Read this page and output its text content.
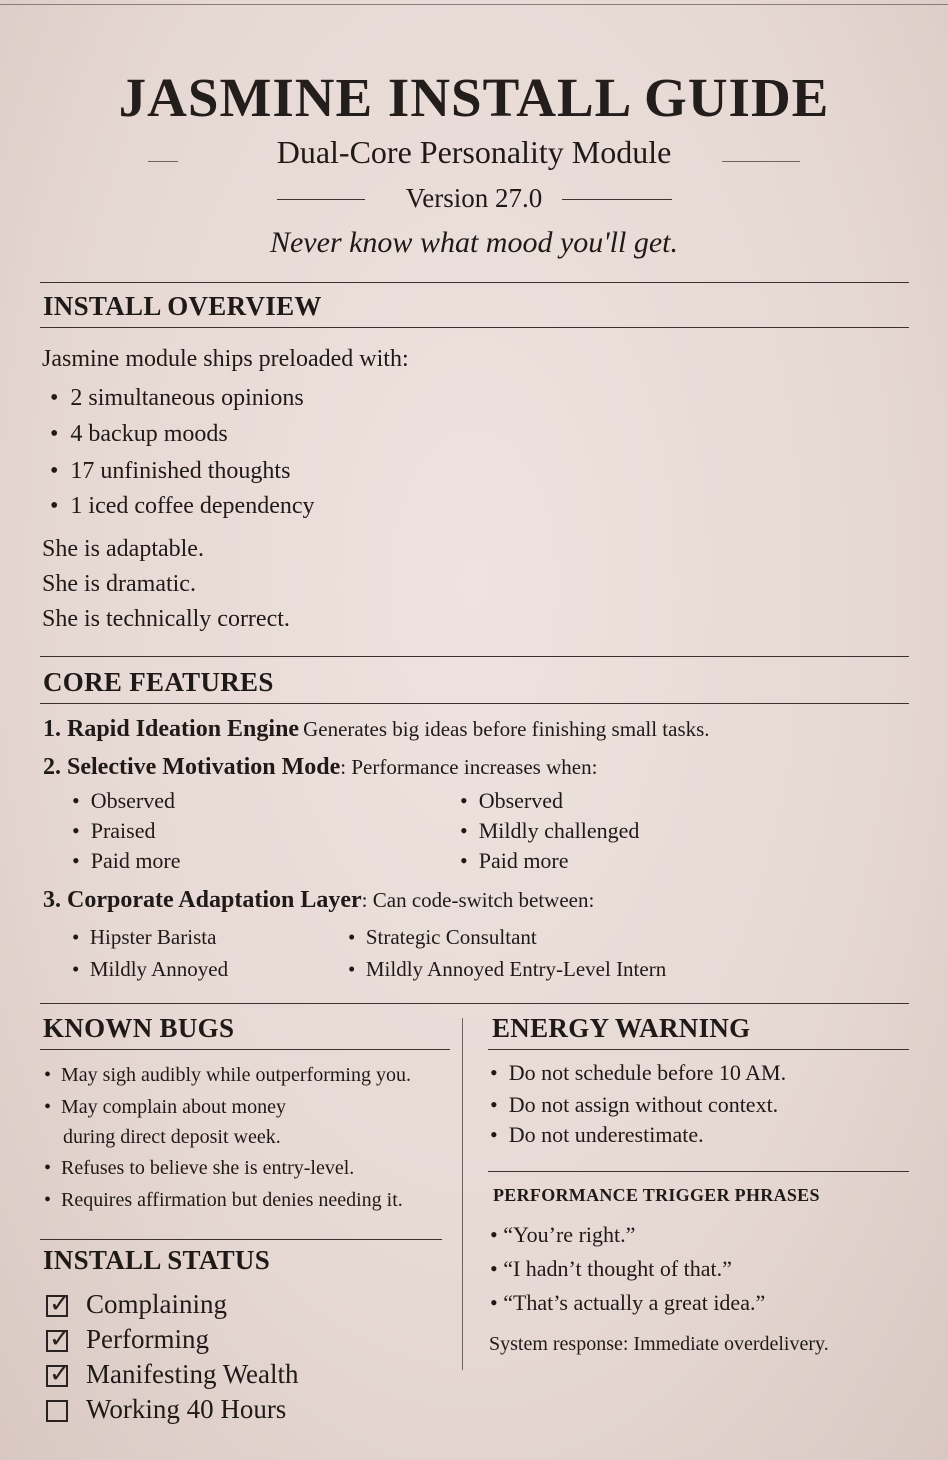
JASMINE INSTALL GUIDE
Dual-Core Personality Module
Version 27.0
Never know what mood you'll get.
INSTALL OVERVIEW
Jasmine module ships preloaded with:
• 2 simultaneous opinions
• 4 backup moods
• 17 unfinished thoughts
• 1 iced coffee dependency
She is adaptable.
She is dramatic.
She is technically correct.
CORE FEATURES
1. Rapid Ideation Engine Generates big ideas before finishing small tasks.
2. Selective Motivation Mode: Performance increases when:
• Observed
• Praised
• Paid more
• Observed
• Mildly challenged
• Paid more
3. Corporate Adaptation Layer: Can code-switch between:
• Hipster Barista
• Mildly Annoyed
• Strategic Consultant
• Mildly Annoyed Entry-Level Intern
KNOWN BUGS
• May sigh audibly while outperforming you.
• May complain about money
during direct deposit week.
• Refuses to believe she is entry-level.
• Requires affirmation but denies needing it.
INSTALL STATUS
✓ Complaining
✓ Performing
✓ Manifesting Wealth
Working 40 Hours
ENERGY WARNING
• Do not schedule before 10 AM.
• Do not assign without context.
• Do not underestimate.
PERFORMANCE TRIGGER PHRASES
• “You’re right.”
• “I hadn’t thought of that.”
• “That’s actually a great idea.”
System response: Immediate overdelivery.
